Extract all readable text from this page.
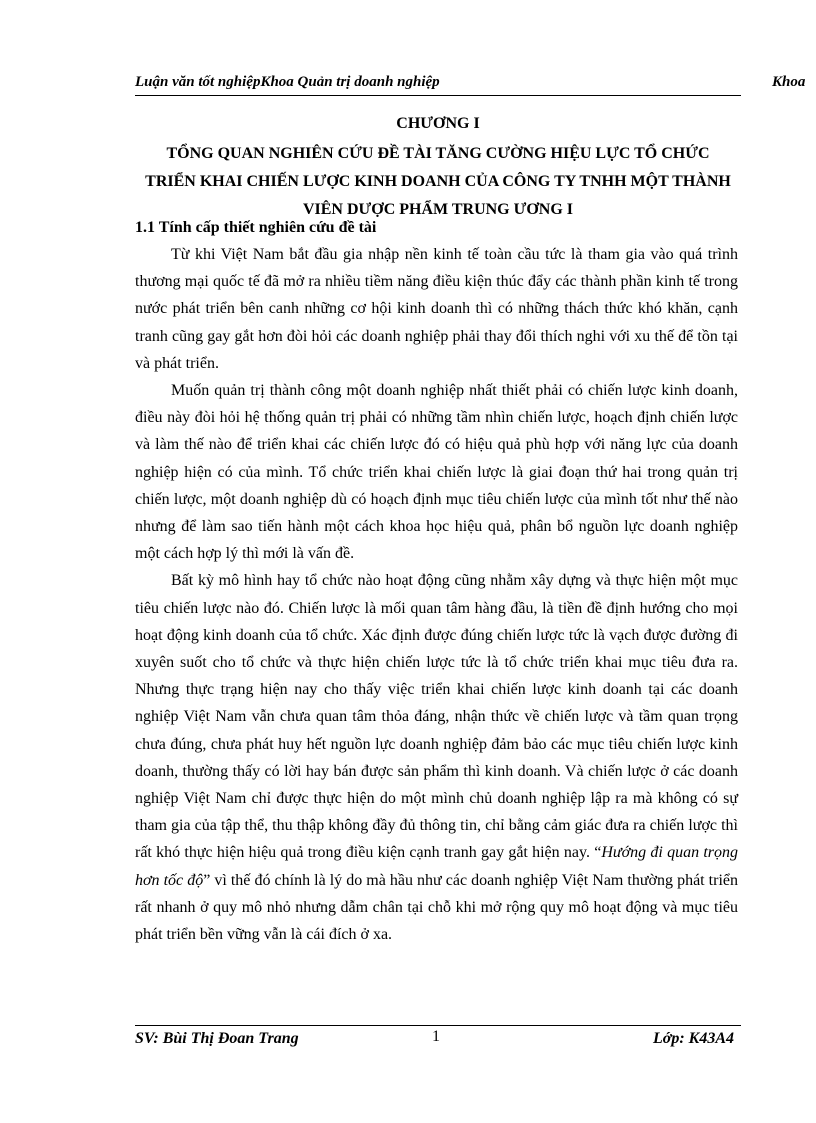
Luận văn tốt nghiệpKhoa Quản trị doanh nghiệp	Khoa
CHƯƠNG I
TỔNG QUAN NGHIÊN CỨU ĐỀ TÀI TĂNG CƯỜNG HIỆU LỰC TỔ CHỨC TRIỂN KHAI CHIẾN LƯỢC KINH DOANH CỦA CÔNG TY TNHH MỘT THÀNH VIÊN DƯỢC PHẨM TRUNG ƯƠNG I
1.1 Tính cấp thiết nghiên cứu đề tài

Từ khi Việt Nam bắt đầu gia nhập nền kinh tế toàn cầu tức là tham gia vào quá trình thương mại quốc tế đã mở ra nhiều tiềm năng điều kiện thúc đẩy các thành phần kinh tế trong nước phát triển bên canh những cơ hội kinh doanh thì có những thách thức khó khăn, cạnh tranh cũng gay gắt hơn đòi hỏi các doanh nghiệp phải thay đổi thích nghi với xu thế để tồn tại và phát triển.

Muốn quản trị thành công một doanh nghiệp nhất thiết phải có chiến lược kinh doanh, điều này đòi hỏi hệ thống quản trị phải có những tầm nhìn chiến lược, hoạch định chiến lược và làm thế nào để triển khai các chiến lược đó có hiệu quả phù hợp với năng lực của doanh nghiệp hiện có của mình. Tổ chức triển khai chiến lược là giai đoạn thứ hai trong quản trị chiến lược, một doanh nghiệp dù có hoạch định mục tiêu chiến lược của mình tốt như thế nào nhưng để làm sao tiến hành một cách khoa học hiệu quả, phân bổ nguồn lực doanh nghiệp một cách hợp lý thì mới là vấn đề.

Bất kỳ mô hình hay tổ chức nào hoạt động cũng nhằm xây dựng và thực hiện một mục tiêu chiến lược nào đó. Chiến lược là mối quan tâm hàng đầu, là tiền đề định hướng cho mọi hoạt động kinh doanh của tổ chức. Xác định được đúng chiến lược tức là vạch được đường đi xuyên suốt cho tổ chức và thực hiện chiến lược tức là tổ chức triển khai mục tiêu đưa ra. Nhưng thực trạng hiện nay cho thấy việc triển khai chiến lược kinh doanh tại các doanh nghiệp Việt Nam vẫn chưa quan tâm thỏa đáng, nhận thức về chiến lược và tầm quan trọng chưa đúng, chưa phát huy hết nguồn lực doanh nghiệp đảm bảo các mục tiêu chiến lược kinh doanh, thường thấy có lời hay bán được sản phẩm thì kinh doanh. Và chiến lược ở các doanh nghiệp Việt Nam chỉ được thực hiện do một mình chủ doanh nghiệp lập ra mà không có sự tham gia của tập thể, thu thập không đầy đủ thông tin, chỉ bằng cảm giác đưa ra chiến lược thì rất khó thực hiện hiệu quả trong điều kiện cạnh tranh gay gắt hiện nay. “Hướng đi quan trọng hơn tốc độ” vì thế đó chính là lý do mà hầu như các doanh nghiệp Việt Nam thường phát triển rất nhanh ở quy mô nhỏ nhưng dẫm chân tại chỗ khi mở rộng quy mô hoạt động và mục tiêu phát triển bền vững vẫn là cái đích ở xa.

SV: Bùi Thị Đoan Trang	1	Lớp: K43A4
